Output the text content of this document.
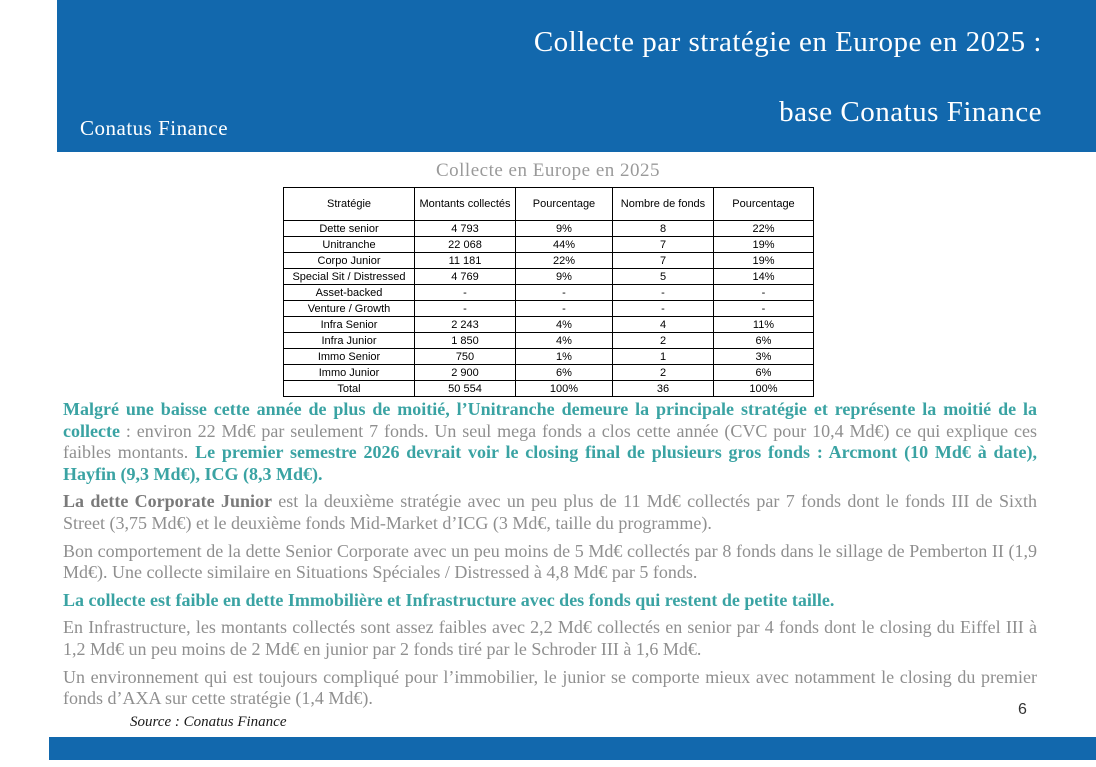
Conatus Finance
Collecte par stratégie en Europe en 2025 :
base Conatus Finance
Collecte en Europe en 2025
Stratégie	Montants collectés	Pourcentage	Nombre de fonds	Pourcentage
Dette senior	4 793	9%	8	22%
Unitranche	22 068	44%	7	19%
Corpo Junior	11 181	22%	7	19%
Special Sit / Distressed	4 769	9%	5	14%
Asset-backed	-	-	-	-
Venture / Growth	-	-	-	-
Infra Senior	2 243	4%	4	11%
Infra Junior	1 850	4%	2	6%
Immo Senior	750	1%	1	3%
Immo Junior	2 900	6%	2	6%
Total	50 554	100%	36	100%

Malgré une baisse cette année de plus de moitié, l’Unitranche demeure la principale stratégie et représente la moitié de la collecte : environ 22 Md€ par seulement 7 fonds. Un seul mega fonds a clos cette année (CVC pour 10,4 Md€) ce qui explique ces faibles montants. Le premier semestre 2026 devrait voir le closing final de plusieurs gros fonds : Arcmont (10 Md€ à date), Hayfin (9,3 Md€), ICG (8,3 Md€).

La dette Corporate Junior est la deuxième stratégie avec un peu plus de 11 Md€ collectés par 7 fonds dont le fonds III de Sixth Street (3,75 Md€) et le deuxième fonds Mid-Market d’ICG (3 Md€, taille du programme).

Bon comportement de la dette Senior Corporate avec un peu moins de 5 Md€ collectés par 8 fonds dans le sillage de Pemberton II (1,9 Md€). Une collecte similaire en Situations Spéciales / Distressed à 4,8 Md€ par 5 fonds.

La collecte est faible en dette Immobilière et Infrastructure avec des fonds qui restent de petite taille.

En Infrastructure, les montants collectés sont assez faibles avec 2,2 Md€ collectés en senior par 4 fonds dont le closing du Eiffel III à 1,2 Md€ un peu moins de 2 Md€ en junior par 2 fonds tiré par le Schroder III à 1,6 Md€.

Un environnement qui est toujours compliqué pour l’immobilier, le junior se comporte mieux avec notamment le closing du premier fonds d’AXA sur cette stratégie (1,4 Md€).

Source : Conatus Finance
6
